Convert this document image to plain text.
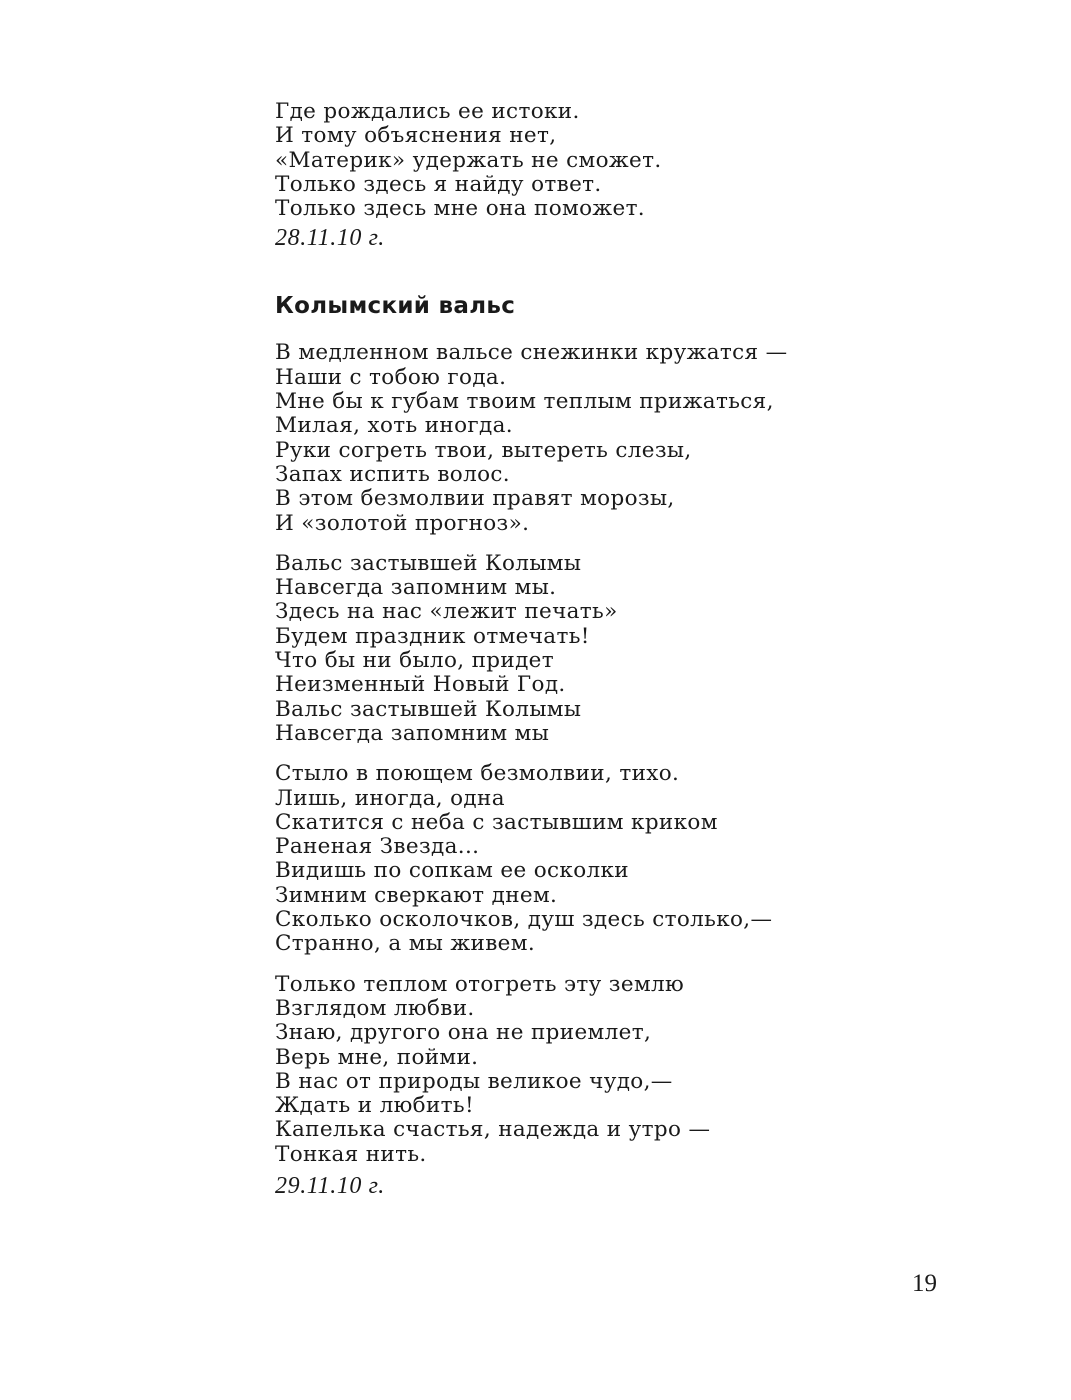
Где рождались ее истоки.
И тому объяснения нет,
«Материк» удержать не сможет.
Только здесь я найду ответ.
Только здесь мне она поможет.
28.11.10 г.
Колымский вальс
В медленном вальсе снежинки кружатся —
Наши с тобою года.
Мне бы к губам твоим теплым прижаться,
Милая, хоть иногда.
Руки согреть твои, вытереть слезы,
Запах испить волос.
В этом безмолвии правят морозы,
И «золотой прогноз».
Вальс застывшей Колымы
Навсегда запомним мы.
Здесь на нас «лежит печать»
Будем праздник отмечать!
Что бы ни было, придет
Неизменный Новый Год.
Вальс застывшей Колымы
Навсегда запомним мы
Стыло в поющем безмолвии, тихо.
Лишь, иногда, одна
Скатится с неба с застывшим криком
Раненая Звезда...
Видишь по сопкам ее осколки
Зимним сверкают днем.
Сколько осколочков, душ здесь столько,—
Странно, а мы живем.
Только теплом отогреть эту землю
Взглядом любви.
Знаю, другого она не приемлет,
Верь мне, пойми.
В нас от природы великое чудо,—
Ждать и любить!
Капелька счастья, надежда и утро —
Тонкая нить.
29.11.10 г.
19
